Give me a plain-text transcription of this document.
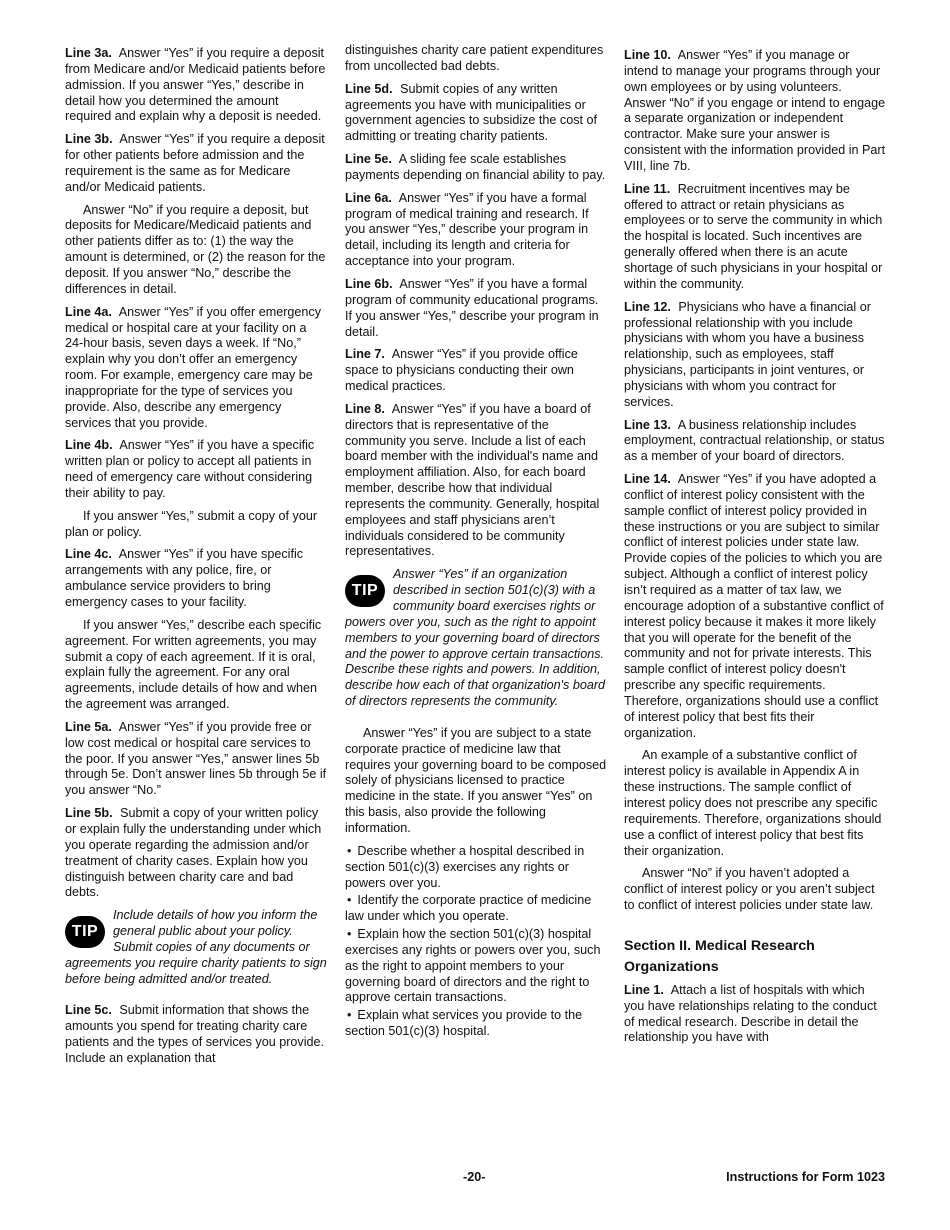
Line 3a. Answer “Yes” if you require a deposit from Medicare and/or Medicaid patients before admission. If you answer “Yes,” describe in detail how you determined the amount required and explain why a deposit is needed.

Line 3b. Answer “Yes” if you require a deposit for other patients before admission and the requirement is the same as for Medicare and/or Medicaid patients.

Answer “No” if you require a deposit, but deposits for Medicare/Medicaid patients and other patients differ as to: (1) the way the amount is determined, or (2) the reason for the deposit. If you answer “No,” describe the differences in detail.

Line 4a. Answer “Yes” if you offer emergency medical or hospital care at your facility on a 24-hour basis, seven days a week. If “No,” explain why you don’t offer an emergency room. For example, emergency care may be inappropriate for the type of services you provide. Also, describe any emergency services that you provide.

Line 4b. Answer “Yes” if you have a specific written plan or policy to accept all patients in need of emergency care without considering their ability to pay.

If you answer “Yes,” submit a copy of your plan or policy.

Line 4c. Answer “Yes” if you have specific arrangements with any police, fire, or ambulance service providers to bring emergency cases to your facility.

If you answer “Yes,” describe each specific agreement. For written agreements, you may submit a copy of each agreement. If it is oral, explain fully the agreement. For any oral agreements, include details of how and when the agreement was arranged.

Line 5a. Answer “Yes” if you provide free or low cost medical or hospital care services to the poor. If you answer “Yes,” answer lines 5b through 5e. Don’t answer lines 5b through 5e if you answer “No.”

Line 5b. Submit a copy of your written policy or explain fully the understanding under which you operate regarding the admission and/or treatment of charity cases. Explain how you distinguish between charity care and bad debts.

TIP
Include details of how you inform the general public about your policy. Submit copies of any documents or agreements you require charity patients to sign before being admitted and/or treated.

Line 5c. Submit information that shows the amounts you spend for treating charity care patients and the types of services you provide. Include an explanation that

distinguishes charity care patient expenditures from uncollected bad debts.

Line 5d. Submit copies of any written agreements you have with municipalities or government agencies to subsidize the cost of admitting or treating charity patients.

Line 5e. A sliding fee scale establishes payments depending on financial ability to pay.

Line 6a. Answer “Yes” if you have a formal program of medical training and research. If you answer “Yes,” describe your program in detail, including its length and criteria for acceptance into your program.

Line 6b. Answer “Yes” if you have a formal program of community educational programs. If you answer “Yes,” describe your program in detail.

Line 7. Answer “Yes” if you provide office space to physicians conducting their own medical practices.

Line 8. Answer “Yes” if you have a board of directors that is representative of the community you serve. Include a list of each board member with the individual's name and employment affiliation. Also, for each board member, describe how that individual represents the community. Generally, hospital employees and staff physicians aren’t individuals considered to be community representatives.

TIP
Answer “Yes” if an organization described in section 501(c)(3) with a community board exercises rights or powers over you, such as the right to appoint members to your governing board of directors and the power to approve certain transactions. Describe these rights and powers. In addition, describe how each of that organization's board of directors represents the community.

Answer “Yes” if you are subject to a state corporate practice of medicine law that requires your governing board to be composed solely of physicians licensed to practice medicine in the state. If you answer “Yes” on this basis, also provide the following information.

• Describe whether a hospital described in section 501(c)(3) exercises any rights or powers over you.

• Identify the corporate practice of medicine law under which you operate.

• Explain how the section 501(c)(3) hospital exercises any rights or powers over you, such as the right to appoint members to your governing board of directors and the right to approve certain transactions.

• Explain what services you provide to the section 501(c)(3) hospital.

Line 10. Answer “Yes” if you manage or intend to manage your programs through your own employees or by using volunteers. Answer “No” if you engage or intend to engage a separate organization or independent contractor. Make sure your answer is consistent with the information provided in Part VIII, line 7b.

Line 11. Recruitment incentives may be offered to attract or retain physicians as employees or to serve the community in which the hospital is located. Such incentives are generally offered when there is an acute shortage of such physicians in your hospital or within the community.

Line 12. Physicians who have a financial or professional relationship with you include physicians with whom you have a business relationship, such as employees, staff physicians, participants in joint ventures, or physicians with whom you contract for services.

Line 13. A business relationship includes employment, contractual relationship, or status as a member of your board of directors.

Line 14. Answer “Yes” if you have adopted a conflict of interest policy consistent with the sample conflict of interest policy provided in these instructions or you are subject to similar conflict of interest policies under state law. Provide copies of the policies to which you are subject. Although a conflict of interest policy isn’t required as a matter of tax law, we encourage adoption of a substantive conflict of interest policy because it makes it more likely that you will operate for the benefit of the community and not for private interests. This sample conflict of interest policy doesn't prescribe any specific requirements. Therefore, organizations should use a conflict of interest policy that best fits their organization.

An example of a substantive conflict of interest policy is available in Appendix A in these instructions. The sample conflict of interest policy does not prescribe any specific requirements. Therefore, organizations should use a conflict of interest policy that best fits their organization.

Answer “No” if you haven’t adopted a conflict of interest policy or you aren’t subject to conflict of interest policies under state law.

Section II. Medical Research Organizations

Line 1. Attach a list of hospitals with which you have relationships relating to the conduct of medical research. Describe in detail the relationship you have with

-20-	Instructions for Form 1023
